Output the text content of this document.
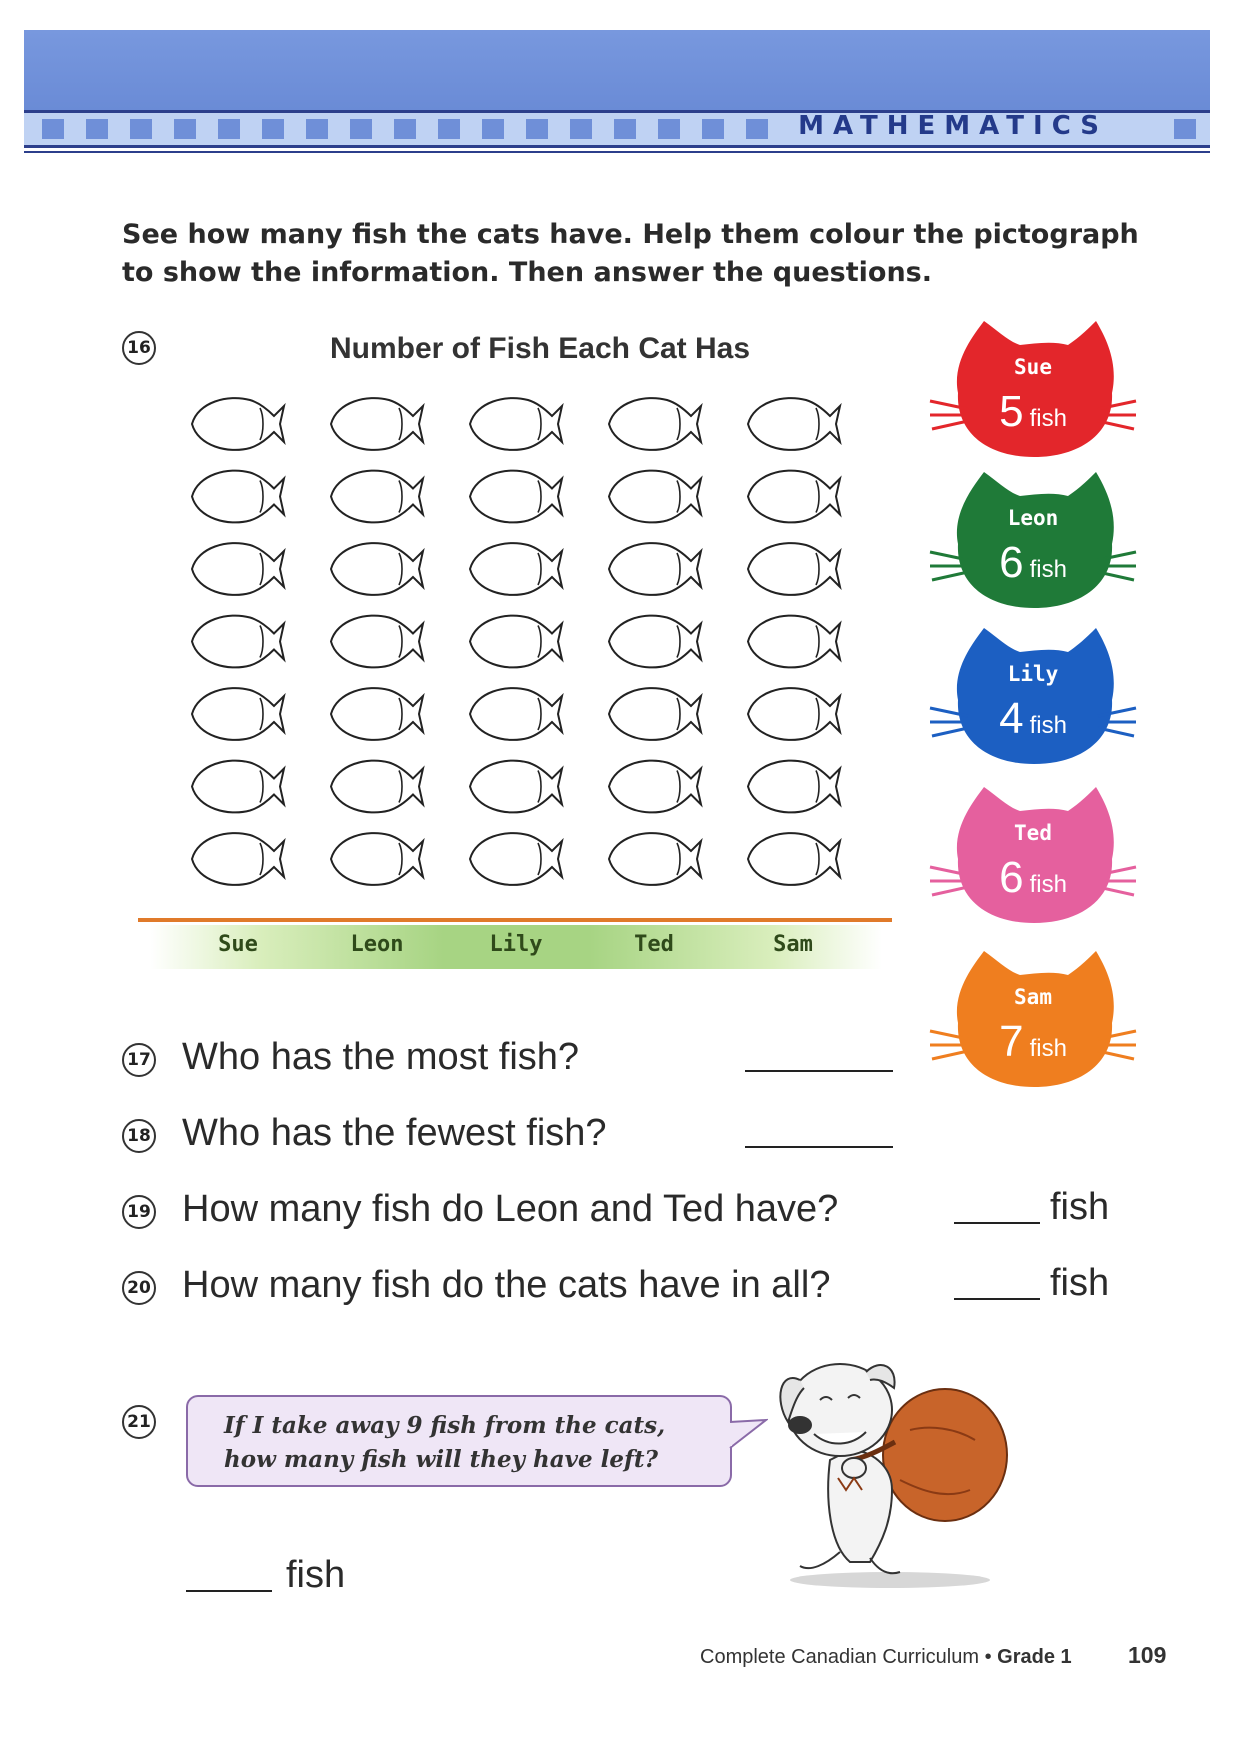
MATHEMATICS
See how many fish the cats have. Help them colour the pictograph to show the information. Then answer the questions.
16	Number of Fish Each Cat Has
Sue	Leon	Lily	Ted	Sam
Sue
5 fish
Leon
6 fish
Lily
4 fish
Ted
6 fish
Sam
7 fish
17 Who has the most fish?
18 Who has the fewest fish?
19 How many fish do Leon and Ted have?	fish
20 How many fish do the cats have in all?	fish
21	If I take away 9 fish from the cats, how many fish will they have left?
fish
Complete Canadian Curriculum • Grade 1 109
